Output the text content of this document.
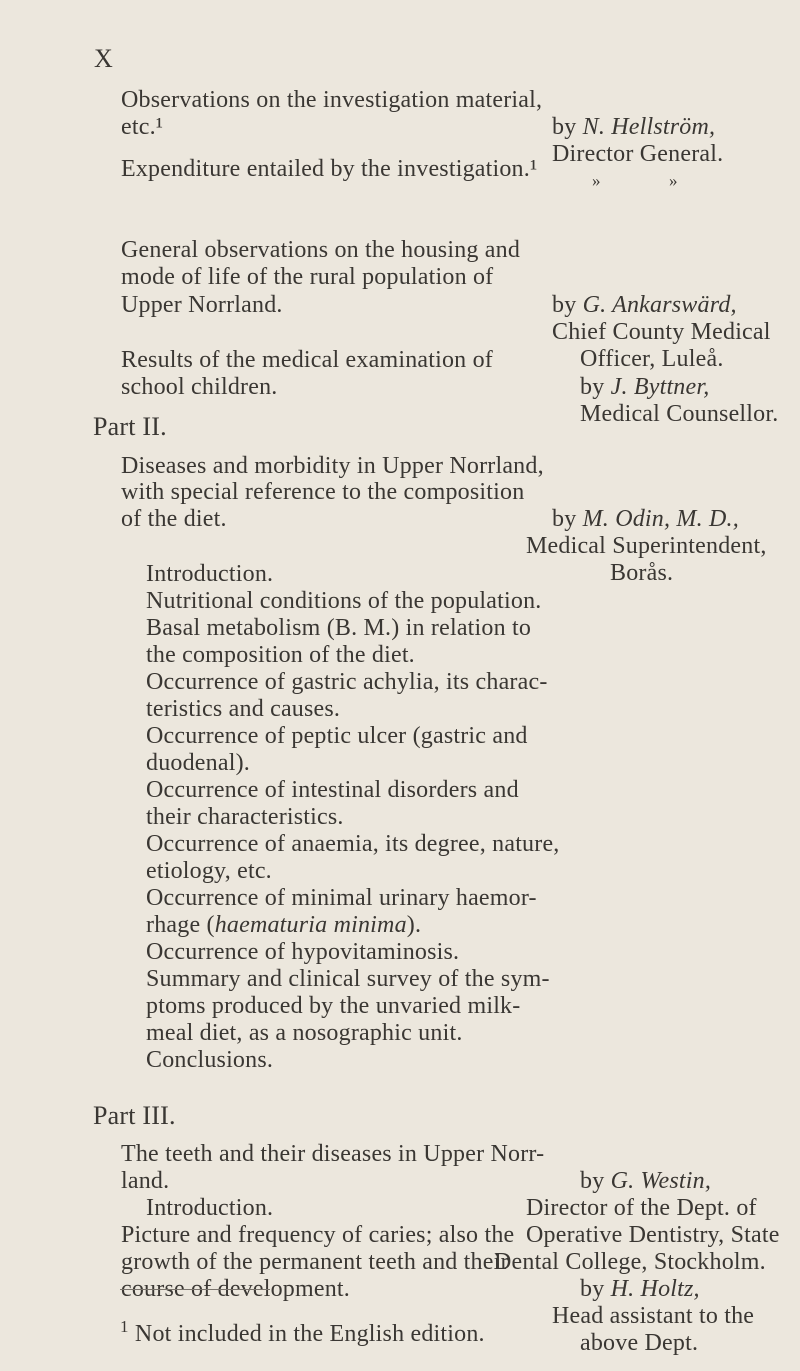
X
Observations on the investigation material,
etc.¹
Expenditure entailed by the investigation.¹
General observations on the housing and
mode of life of the rural population of
Upper Norrland.
Results of the medical examination of
school children.
Part II.
Diseases and morbidity in Upper Norrland,
with special reference to the composition
of the diet.
Introduction.
Nutritional conditions of the population.
Basal metabolism (B. M.) in relation to
the composition of the diet.
Occurrence of gastric achylia, its charac-
teristics and causes.
Occurrence of peptic ulcer (gastric and
duodenal).
Occurrence of intestinal disorders and
their characteristics.
Occurrence of anaemia, its degree, nature,
etiology, etc.
Occurrence of minimal urinary haemor-
rhage (haematuria minima).
Occurrence of hypovitaminosis.
Summary and clinical survey of the sym-
ptoms produced by the unvaried milk-
meal diet, as a nosographic unit.
Conclusions.
Part III.
The teeth and their diseases in Upper Norr-
land.
Introduction.
Picture and frequency of caries; also the
growth of the permanent teeth and their
course of development.
by N. Hellström,
Director General.
»	»
by G. Ankarswärd,
Chief County Medical
Officer, Luleå.
by J. Byttner,
Medical Counsellor.
by M. Odin, M. D.,
Medical Superintendent,
Borås.
by G. Westin,
Director of the Dept. of
Operative Dentistry, State
Dental College, Stockholm.
by H. Holtz,
Head assistant to the
above Dept.
$^1$ Not included in the English edition.
